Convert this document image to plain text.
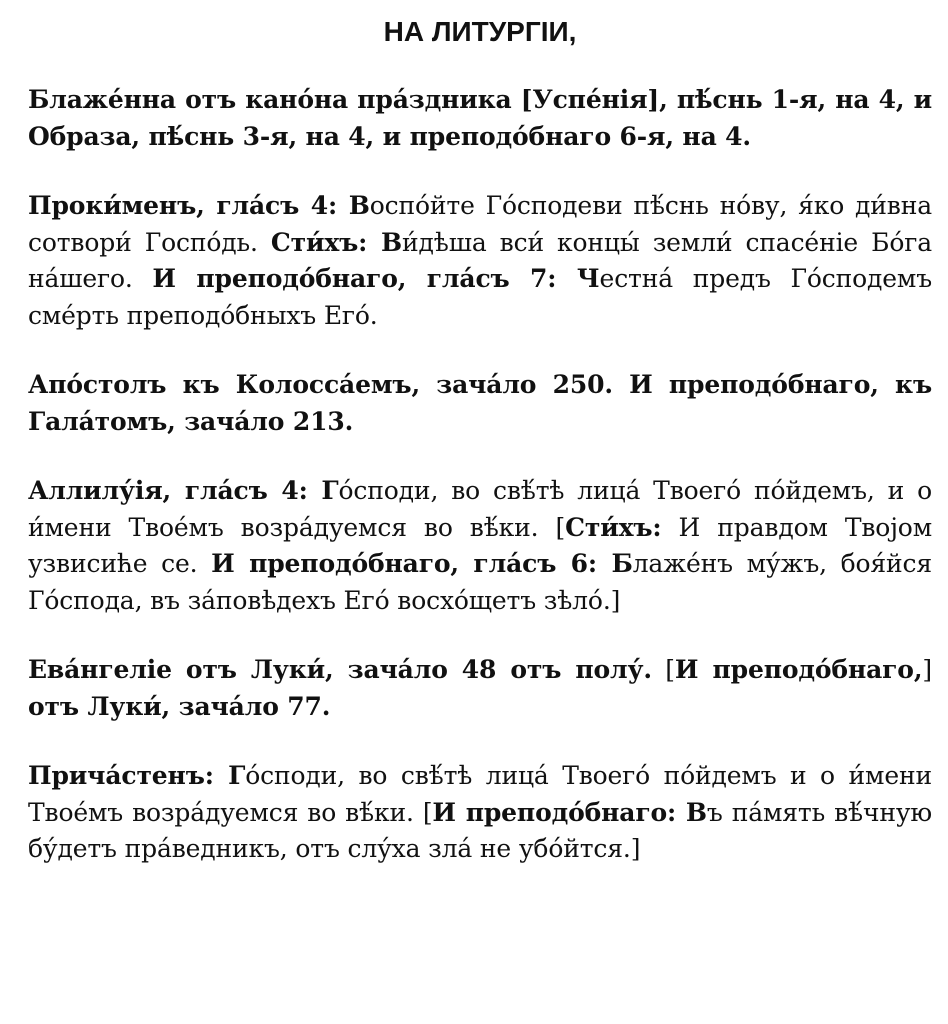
НА ЛИТУРГІИ,

Блаже́нна отъ кано́на пра́здника [Успе́нія], пѣ́снь 1-я, на 4, и Образа, пѣ́снь 3-я, на 4, и преподо́бнаго 6-я, на 4.

Проки́менъ, гла́съ 4: Воспо́йте Го́сподеви пѣ́снь но́ву, я́ко ди́вна сотвори́ Госпо́дь. Сти́хъ: Ви́дѣша вси́ концы́ земли́ спасе́ніе Бо́га на́шего. И преподо́бнаго, гла́съ 7: Честна́ предъ Го́сподемъ сме́рть преподо́бныхъ Его́.

Апо́столъ къ Колосса́емъ, зача́ло 250. И преподо́бнаго, къ Гала́томъ, зача́ло 213.

Аллилу́ія, гла́съ 4: Го́споди, во свѣ́тѣ лица́ Твоего́ по́йдемъ, и о и́мени Твое́мъ возра́дуемся во вѣ́ки. [Сти́хъ: И правдом Твојом узвисиће се. И преподо́бнаго, гла́съ 6: Блаже́нъ му́жъ, боя́йся Го́спода, въ за́повѣдехъ Его́ восхо́щетъ зѣло́.]

Ева́нгеліе отъ Луки́, зача́ло 48 отъ полу́. [И преподо́бнаго,] отъ Луки́, зача́ло 77.

Прича́стенъ: Го́споди, во свѣ́тѣ лица́ Твоего́ по́йдемъ и о и́мени Твое́мъ возра́дуемся во вѣ́ки. [И преподо́бнаго: Въ па́мять вѣ́чную бу́детъ пра́ведникъ, отъ слу́ха зла́ не убо́йтся.]
